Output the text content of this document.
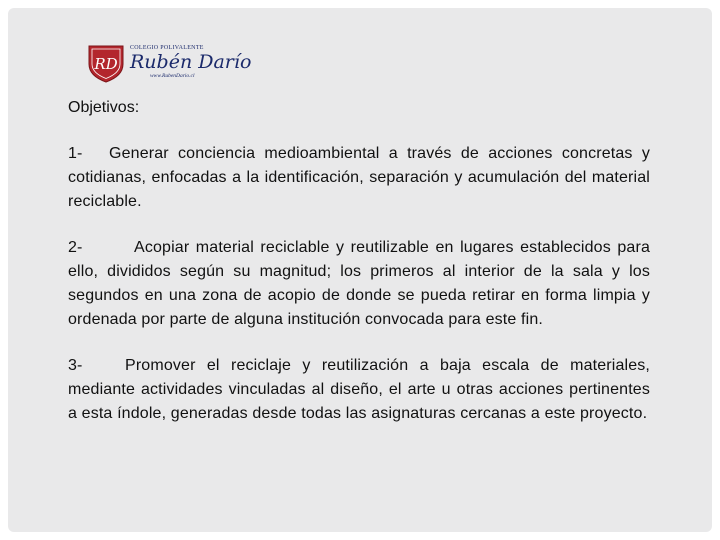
RD
COLEGIO POLIVALENTE
Rubén Darío
www.RubenDario.cl

Objetivos:

1- Generar conciencia medioambiental a través de acciones concretas y cotidianas, enfocadas a la identificación, separación y acumulación del material reciclable.

2-	Acopiar material reciclable y reutilizable en lugares establecidos para ello, divididos según su magnitud; los primeros al interior de la sala y los segundos en una zona de acopio de donde se pueda retirar en forma limpia y ordenada por parte de alguna institución convocada para este fin.

3-	Promover el reciclaje y reutilización a baja escala de materiales, mediante actividades vinculadas al diseño, el arte u otras acciones pertinentes a esta índole, generadas desde todas las asignaturas cercanas a este proyecto.
